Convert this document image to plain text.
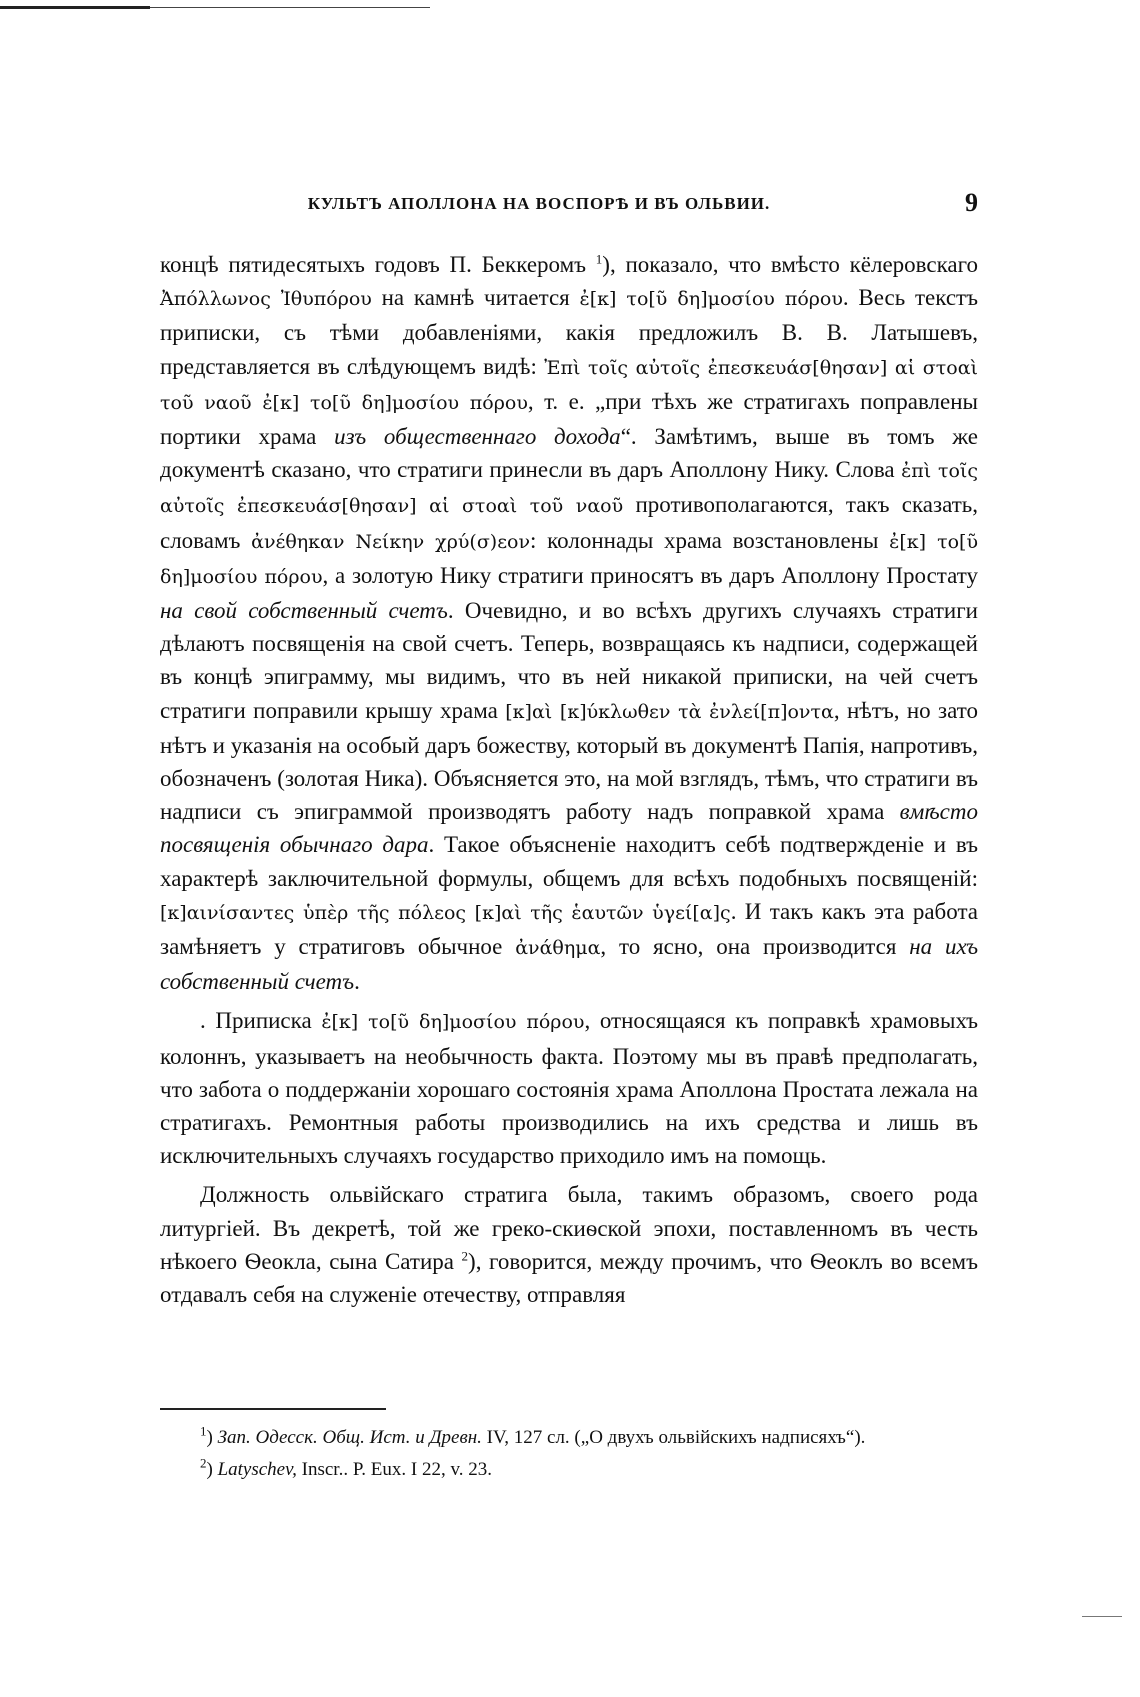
КУЛЬТЪ АПОЛЛОНА НА ВОСПОРѢ И ВЪ ОЛЬВИИ.	9

концѣ пятидесятыхъ годовъ П. Беккеромъ $^1$), показало, что вмѣсто кёлеровскаго Ἀπόλλωνος Ἰθυπόρου на камнѣ читается ἐ[κ] το[ῦ δη]μοσίου πόρου. Весь текстъ приписки, съ тѣми добавленіями, какія предложилъ В. В. Латышевъ, представляется въ слѣдующемъ видѣ: Ἐπὶ τοῖς αὐτοῖς ἐπεσκευάσ[θησαν] αἱ στοαὶ τοῦ ναοῦ ἐ[κ] το[ῦ δη]μοσίου πόρου, т. е. „при тѣхъ же стратигахъ поправлены портики храма изъ общественнаго дохода“. Замѣтимъ, выше въ томъ же документѣ сказано, что стратиги принесли въ даръ Аполлону Нику. Слова ἐπὶ τοῖς αὐτοῖς ἐπεσκευάσ[θησαν] αἱ στοαὶ τοῦ ναοῦ противополагаются, такъ сказать, словамъ ἀνέθηκαν Νείκην χρύ(σ)εον: колоннады храма возстановлены ἐ[κ] το[ῦ δη]μοσίου πόρου, а золотую Нику стратиги приносятъ въ даръ Аполлону Простату на свой собственный счетъ. Очевидно, и во всѣхъ другихъ случаяхъ стратиги дѣлаютъ посвященія на свой счетъ. Теперь, возвращаясь къ надписи, содержащей въ концѣ эпиграмму, мы видимъ, что въ ней никакой приписки, на чей счетъ стратиги поправили крышу храма [κ]αὶ [κ]ύκλωθεν τὰ ἐνλεί[π]οντα, нѣтъ, но зато нѣтъ и указанія на особый даръ божеству, который въ документѣ Папія, напротивъ, обозначенъ (золотая Ника). Объясняется это, на мой взглядъ, тѣмъ, что стратиги въ надписи съ эпиграммой производятъ работу надъ поправкой храма вмѣсто посвященія обычнаго дара. Такое объясненіе находитъ себѣ подтвержденіе и въ характерѣ заключительной формулы, общемъ для всѣхъ подобныхъ посвященій: [κ]αινίσαντες ὑπὲρ τῆς πόλεος [κ]αὶ τῆς ἑαυτῶν ὑγεί[α]ς. И такъ какъ эта работа замѣняетъ у стратиговъ обычное ἀνάθημα, то ясно, она производится на ихъ собственный счетъ.

. Приписка ἐ[κ] το[ῦ δη]μοσίου πόρου, относящаяся къ поправкѣ храмовыхъ колоннъ, указываетъ на необычность факта. Поэтому мы въ правѣ предполагать, что забота о поддержаніи хорошаго состоянія храма Аполлона Простата лежала на стратигахъ. Ремонтныя работы производились на ихъ средства и лишь въ исключительныхъ случаяхъ государство приходило имъ на помощь.

Должность ольвійскаго стратига была, такимъ образомъ, своего рода литургіей. Въ декретѣ, той же греко-скиѳской эпохи, поставленномъ въ честь нѣкоего Ѳеокла, сына Сатира $^2$), говорится, между прочимъ, что Ѳеоклъ во всемъ отдавалъ себя на служеніе отечеству, отправляя

$^1$) Зап. Одесск. Общ. Ист. и Древн. IV, 127 сл. („О двухъ ольвійскихъ надписяхъ“).

$^2$) Latyschev, Inscr.. P. Eux. I 22, v. 23.
